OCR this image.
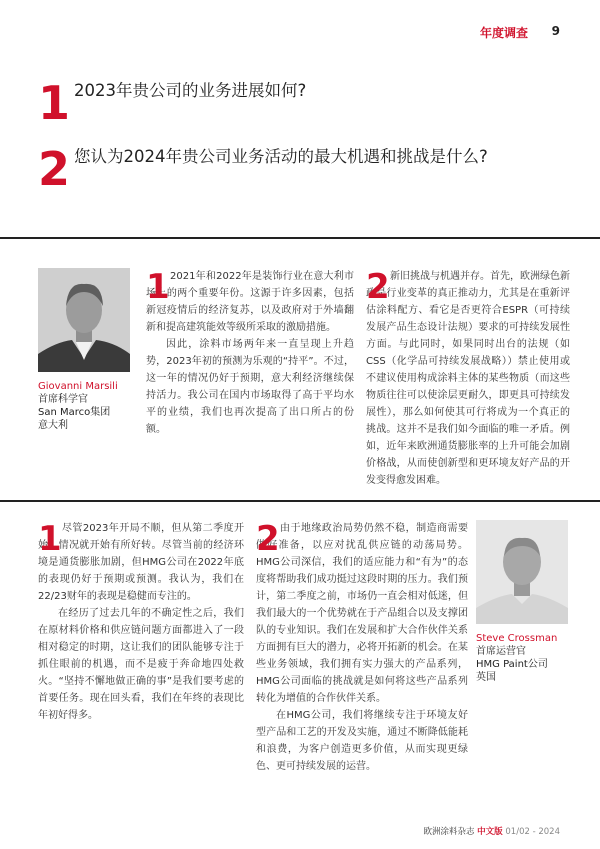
年度调查 9
1 2023年贵公司的业务进展如何?
2 您认为2024年贵公司业务活动的最大机遇和挑战是什么?
Giovanni Marsili
首席科学官
San Marco集团
意大利
1 2021年和2022年是装饰行业在意大利市场上的两个重要年份。这源于许多因素，包括新冠疫情后的经济复苏，以及政府对于外墙翻新和提高建筑能效等级所采取的激励措施。

因此，涂料市场两年来一直呈现上升趋势，2023年初的预测为乐观的“持平”。不过，这一年的情况仍好于预期，意大利经济继续保持活力。我公司在国内市场取得了高于平均水平的业绩，我们也再次提高了出口所占的份额。

2 新旧挑战与机遇并存。首先，欧洲绿色新政是行业变革的真正推动力，尤其是在重新评估涂料配方、看它是否更符合ESPR（可持续发展产品生态设计法规）要求的可持续发展性方面。与此同时，如果同时出台的法规（如CSS（化学品可持续发展战略））禁止使用或不建议使用构成涂料主体的某些物质（而这些物质往往可以使涂层更耐久，即更具可持续发展性），那么如何使其可行将成为一个真正的挑战。这并不是我们如今面临的唯一矛盾。例如，近年来欧洲通货膨胀率的上升可能会加剧价格战，从而使创新型和更环境友好产品的开发变得愈发困难。

1 尽管2023年开局不顺，但从第二季度开始，情况就开始有所好转。尽管当前的经济环境是通货膨胀加剧，但HMG公司在2022年底的表现仍好于预期或预测。我认为，我们在22/23财年的表现是稳健而专注的。

在经历了过去几年的不确定性之后，我们在原材料价格和供应链问题方面都进入了一段相对稳定的时期，这让我们的团队能够专注于抓住眼前的机遇，而不是疲于奔命地四处救火。“坚持不懈地做正确的事”是我们要考虑的首要任务。现在回头看，我们在年终的表现比年初好得多。

2 由于地缘政治局势仍然不稳，制造商需要做好准备，以应对扰乱供应链的动荡局势。HMG公司深信，我们的适应能力和“有为”的态度将帮助我们成功挺过这段时期的压力。我们预计，第二季度之前，市场仍一直会相对低迷，但我们最大的一个优势就在于产品组合以及支撑团队的专业知识。我们在发展和扩大合作伙伴关系方面拥有巨大的潜力，必将开拓新的机会。在某些业务领域，我们拥有实力强大的产品系列，HMG公司面临的挑战就是如何将这些产品系列转化为增值的合作伙伴关系。

在HMG公司，我们将继续专注于环境友好型产品和工艺的开发及实施，通过不断降低能耗和浪费，为客户创造更多价值，从而实现更绿色、更可持续发展的运营。

Steve Crossman
首席运营官
HMG Paint公司
英国
欧洲涂料杂志 中文版 01/02 - 2024
